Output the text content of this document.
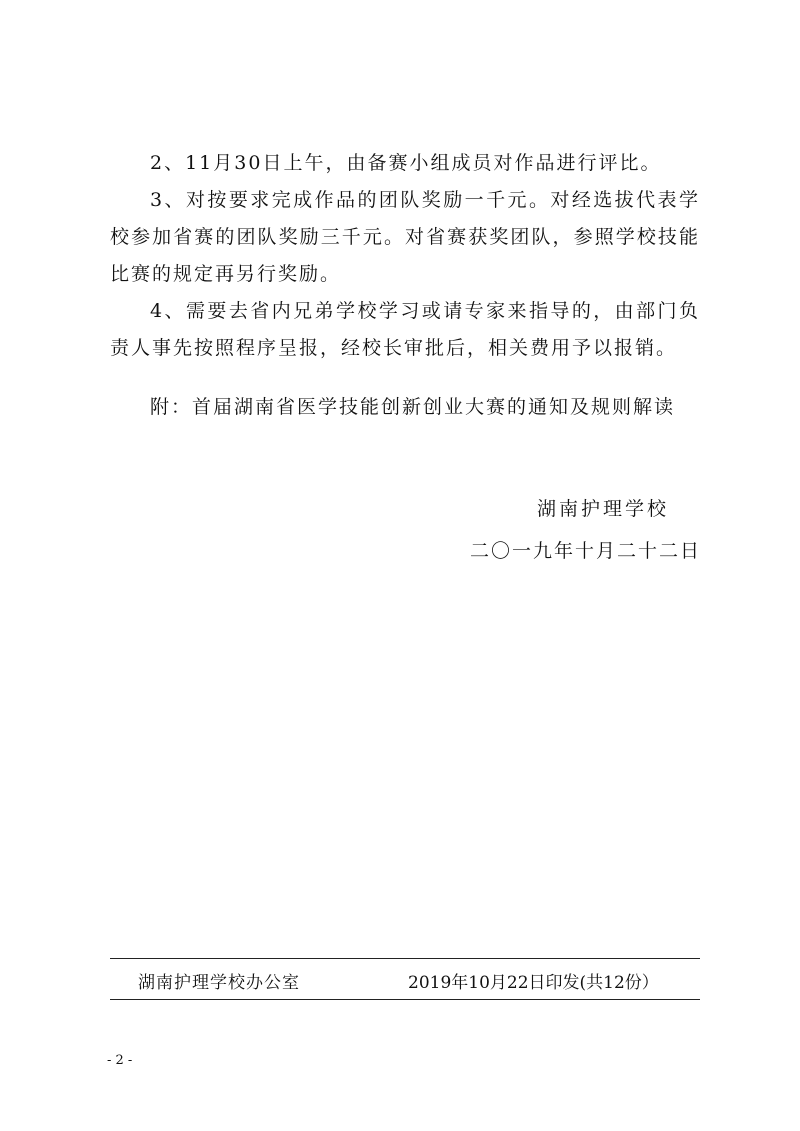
2、11月30日上午，由备赛小组成员对作品进行评比。

3、对按要求完成作品的团队奖励一千元。对经选拔代表学校参加省赛的团队奖励三千元。对省赛获奖团队，参照学校技能比赛的规定再另行奖励。

4、需要去省内兄弟学校学习或请专家来指导的，由部门负责人事先按照程序呈报，经校长审批后，相关费用予以报销。

附：首届湖南省医学技能创新创业大赛的通知及规则解读

湖南护理学校

二〇一九年十月二十二日

湖南护理学校办公室	2019年10月22日印发(共12份）

- 2 -
